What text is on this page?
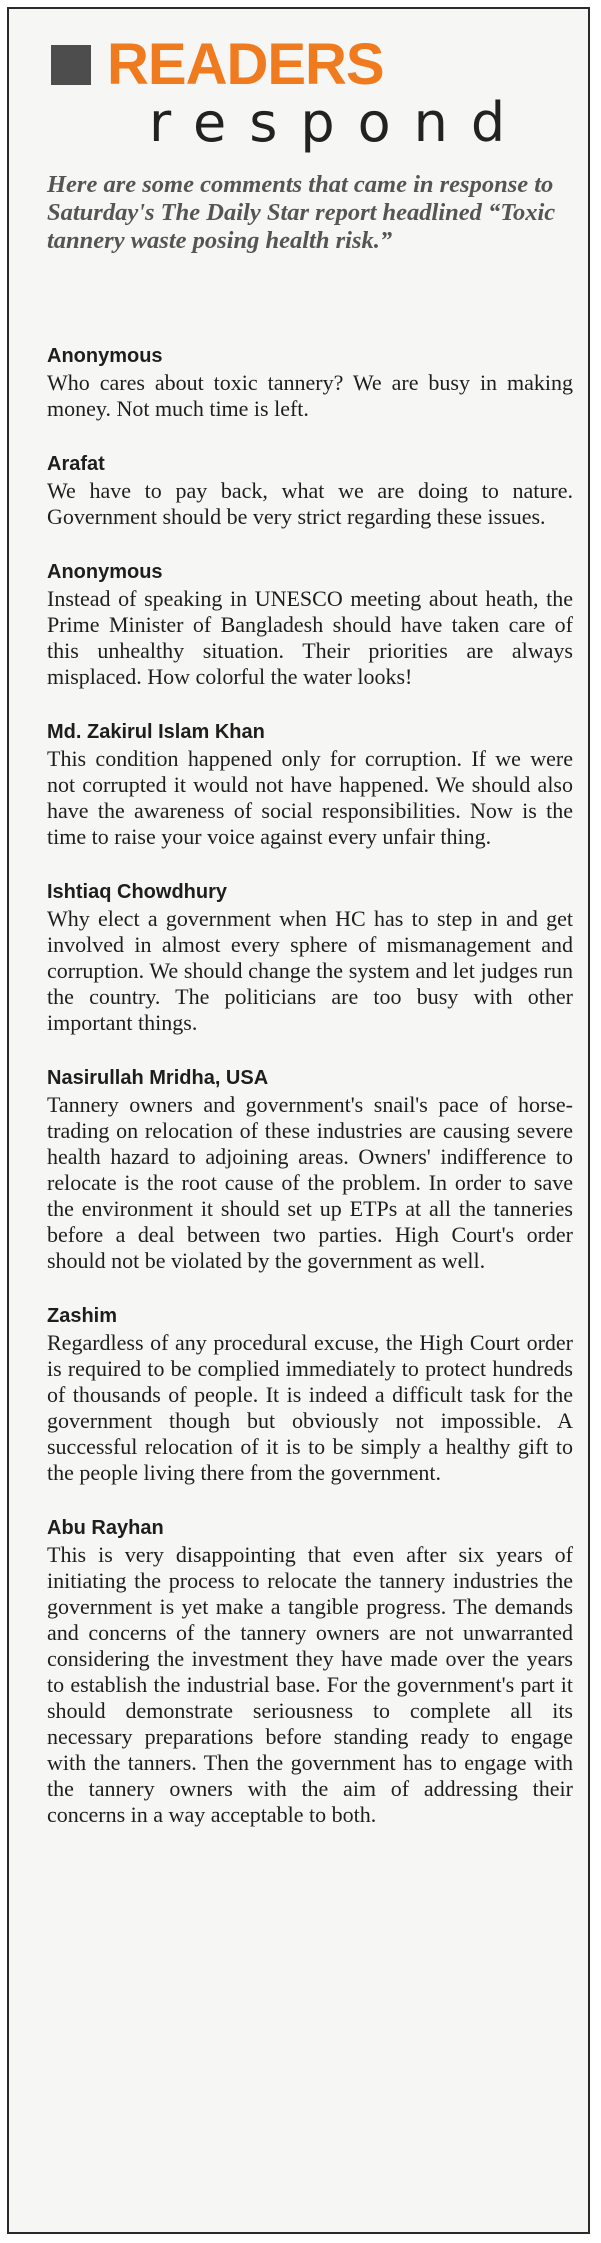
READERS
respond

Here are some comments that came in response to Saturday's The Daily Star report headlined “Toxic tannery waste posing health risk.”

Anonymous

Who cares about toxic tannery? We are busy in making money. Not much time is left.

Arafat

We have to pay back, what we are doing to nature. Government should be very strict regarding these issues.

Anonymous

Instead of speaking in UNESCO meeting about heath, the Prime Minister of Bangladesh should have taken care of this unhealthy situation. Their priorities are always misplaced. How colorful the water looks!

Md. Zakirul Islam Khan

This condition happened only for corruption. If we were not corrupted it would not have happened. We should also have the awareness of social responsibilities. Now is the time to raise your voice against every unfair thing.

Ishtiaq Chowdhury

Why elect a government when HC has to step in and get involved in almost every sphere of mismanagement and corruption. We should change the system and let judges run the country. The politicians are too busy with other important things.

Nasirullah Mridha, USA

Tannery owners and government's snail's pace of horse-trading on relocation of these industries are causing severe health hazard to adjoining areas. Owners' indifference to relocate is the root cause of the problem. In order to save the environment it should set up ETPs at all the tanneries before a deal between two parties. High Court's order should not be violated by the government as well.

Zashim

Regardless of any procedural excuse, the High Court order is required to be complied immediately to protect hundreds of thousands of people. It is indeed a difficult task for the government though but obviously not impossible. A successful relocation of it is to be simply a healthy gift to the people living there from the government.

Abu Rayhan

This is very disappointing that even after six years of initiating the process to relocate the tannery industries the government is yet make a tangible progress. The demands and concerns of the tannery owners are not unwarranted considering the investment they have made over the years to establish the industrial base. For the government's part it should demonstrate seriousness to complete all its necessary preparations before standing ready to engage with the tanners. Then the government has to engage with the tannery owners with the aim of addressing their concerns in a way acceptable to both.
